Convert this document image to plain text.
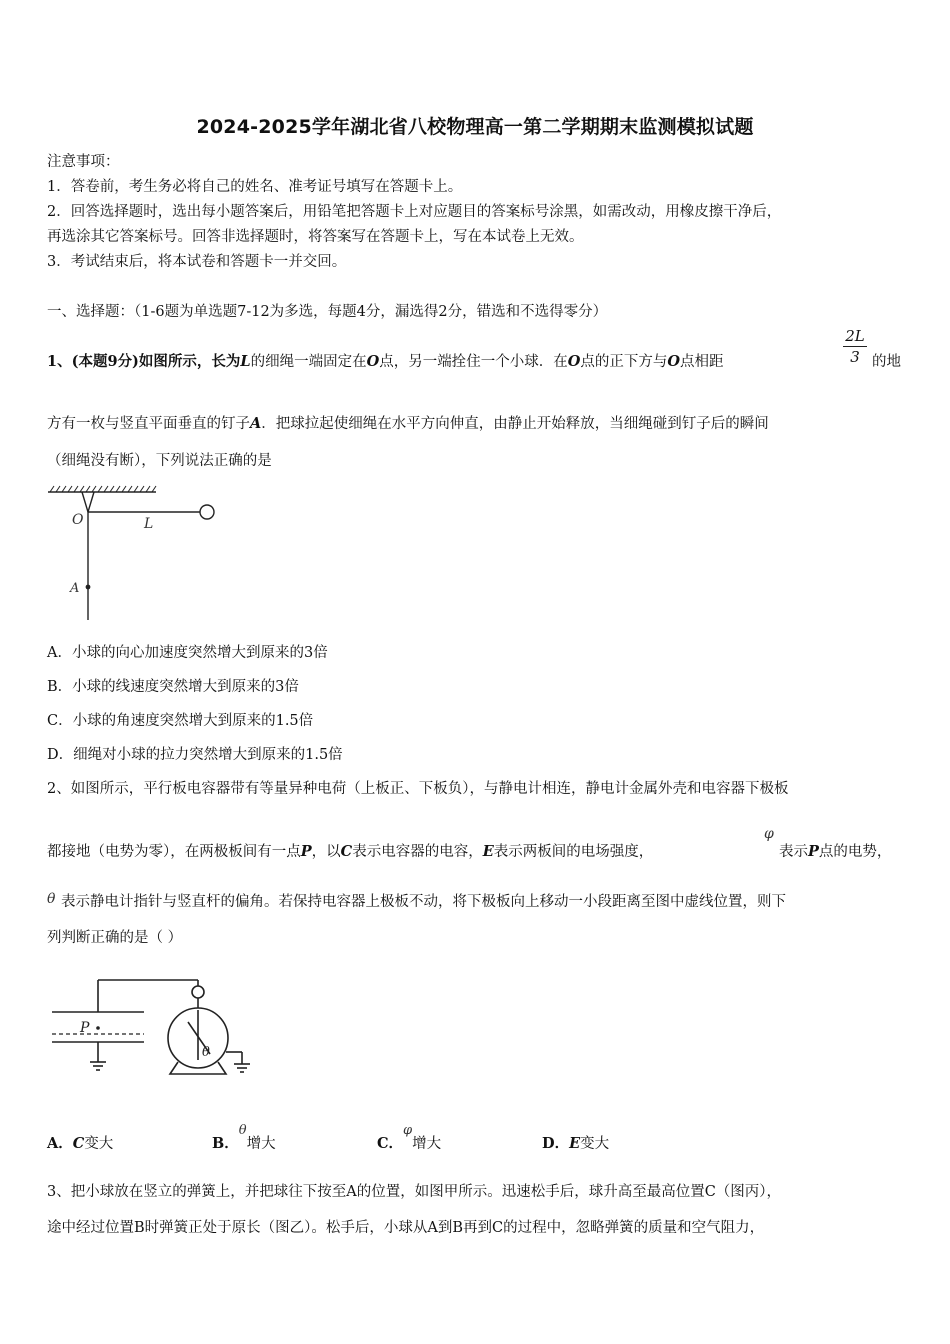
2024-2025学年湖北省八校物理高一第二学期期末监测模拟试题
注意事项：
1．答卷前，考生务必将自己的姓名、准考证号填写在答题卡上。
2．回答选择题时，选出每小题答案后，用铅笔把答题卡上对应题目的答案标号涂黑，如需改动，用橡皮擦干净后，
再选涂其它答案标号。回答非选择题时，将答案写在答题卡上，写在本试卷上无效。
3．考试结束后，将本试卷和答题卡一并交回。
一、选择题：（1-6题为单选题7-12为多选，每题4分，漏选得2分，错选和不选得零分）
1、(本题9分)如图所示，长为L的细绳一端固定在O点，另一端拴住一个小球．在O点的正下方与O点相距
2L
3 的地
方有一枚与竖直平面垂直的钉子A．把球拉起使细绳在水平方向伸直，由静止开始释放，当细绳碰到钉子后的瞬间
（细绳没有断），下列说法正确的是
O	L
A
A．小球的向心加速度突然增大到原来的3倍
B．小球的线速度突然增大到原来的3倍
C．小球的角速度突然增大到原来的1.5倍
D．细绳对小球的拉力突然增大到原来的1.5倍
2、如图所示，平行板电容器带有等量异种电荷（上板正、下板负），与静电计相连，静电计金属外壳和电容器下极板
都接地（电势为零），在两极板间有一点P，以C表示电容器的电容，E表示两板间的电场强度，
φ
表示P点的电势，
θ 表示静电计指针与竖直杆的偏角。若保持电容器上极板不动，将下极板向上移动一小段距离至图中虚线位置，则下
列判断正确的是（ ）
P
θ
A．C变大	B．θ增大	C．φ增大	D．E变大
3、把小球放在竖立的弹簧上，并把球往下按至A的位置，如图甲所示。迅速松手后，球升高至最高位置C（图丙），
途中经过位置B时弹簧正处于原长（图乙）。松手后，小球从A到B再到C的过程中，忽略弹簧的质量和空气阻力，
